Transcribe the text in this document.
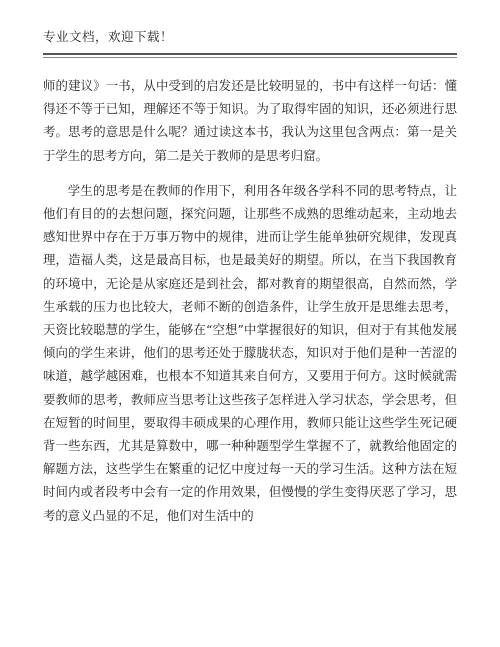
专业文档，欢迎下载！

师的建议》一书，从中受到的启发还是比较明显的，书中有这样一句话：懂得还不等于已知，理解还不等于知识。为了取得牢固的知识，还必须进行思考。思考的意思是什么呢？通过读这本书，我认为这里包含两点：第一是关于学生的思考方向，第二是关于教师的是思考归窟。

学生的思考是在教师的作用下，利用各年级各学科不同的思考特点，让他们有目的的去想问题，探究问题，让那些不成熟的思维动起来，主动地去感知世界中存在于万事万物中的规律，进而让学生能单独研究规律，发现真理，造福人类，这是最高目标，也是最美好的期望。所以，在当下我国教育的环境中，无论是从家庭还是到社会，都对教育的期望很高，自然而然，学生承载的压力也比较大，老师不断的创造条件，让学生放开是思维去思考，天资比较聪慧的学生，能够在“空想”中掌握很好的知识，但对于有其他发展倾向的学生来讲，他们的思考还处于朦胧状态，知识对于他们是种一苦涩的味道，越学越困难，也根本不知道其来自何方，又要用于何方。这时候就需要教师的思考，教师应当思考让这些孩子怎样进入学习状态，学会思考，但在短暂的时间里，要取得丰硕成果的心理作用，教师只能让这些学生死记硬背一些东西，尤其是算数中，哪一种种题型学生掌握不了，就教给他固定的解题方法，这些学生在繁重的记忆中度过每一天的学习生活。这种方法在短时间内或者段考中会有一定的作用效果，但慢慢的学生变得厌恶了学习，思考的意义凸显的不足，他们对生活中的
